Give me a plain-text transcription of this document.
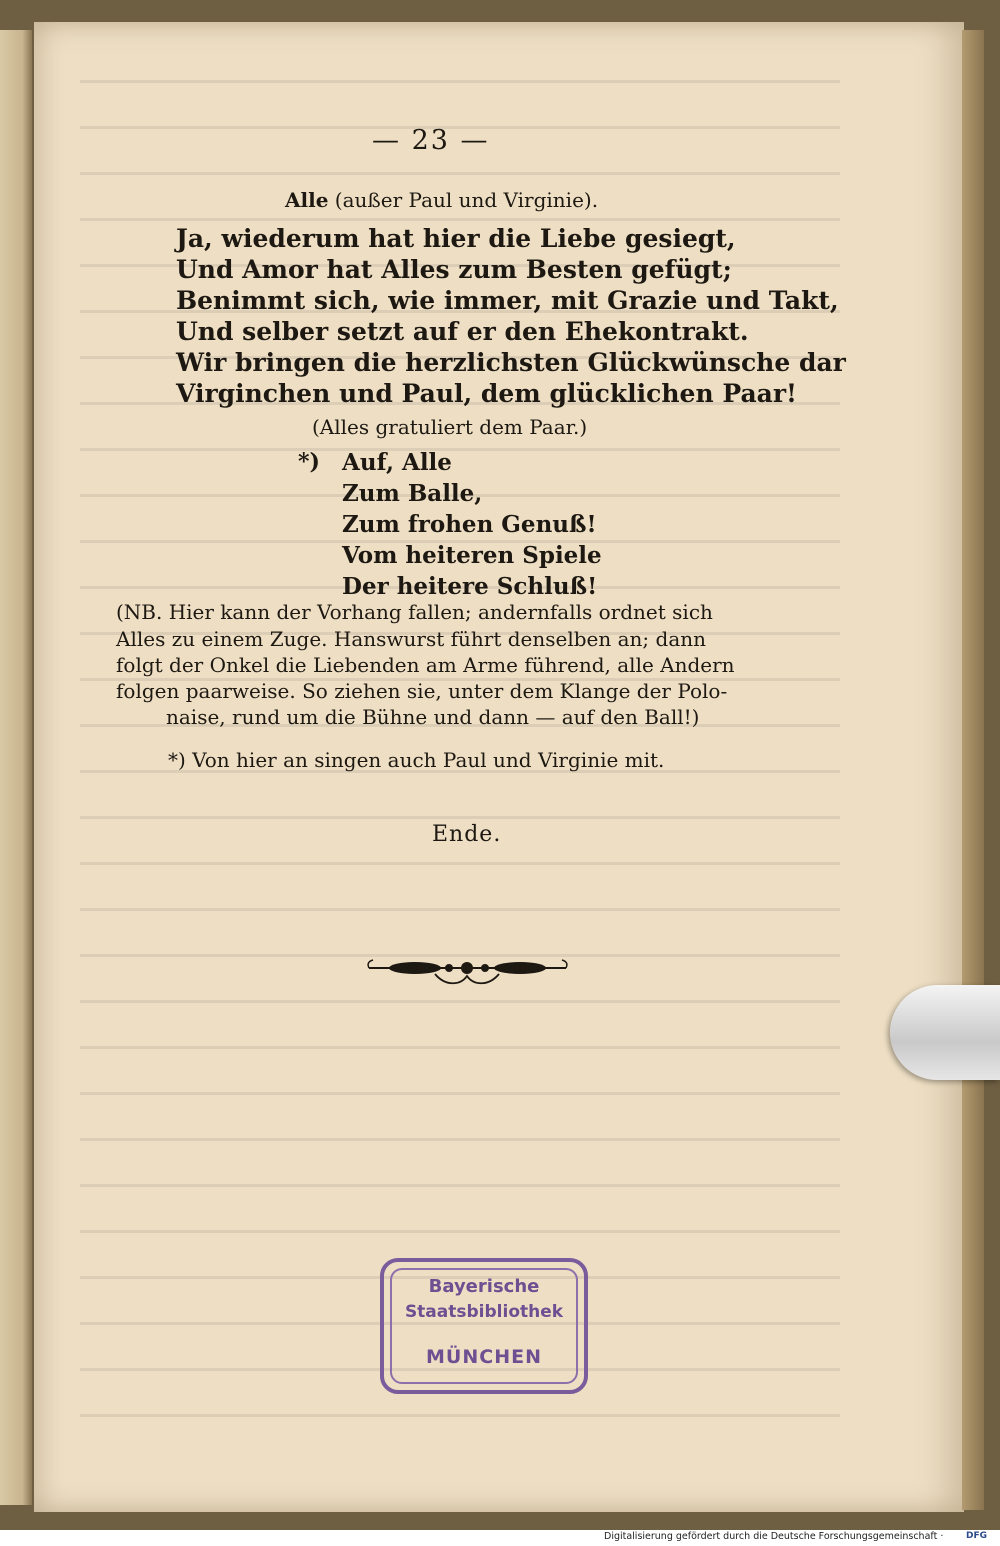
— 23 —
Alle (außer Paul und Virginie).
Ja, wiederum hat hier die Liebe gesiegt,
Und Amor hat Alles zum Besten gefügt;
Benimmt sich, wie immer, mit Grazie und Takt,
Und selber setzt auf er den Ehekontrakt.
Wir bringen die herzlichsten Glückwünsche dar
Virginchen und Paul, dem glücklichen Paar!
(Alles gratuliert dem Paar.)
*) Auf, Alle
Zum Balle,
Zum frohen Genuß!
Vom heiteren Spiele
Der heitere Schluß!
(NB. Hier kann der Vorhang fallen; andernfalls ordnet sich
Alles zu einem Zuge. Hanswurst führt denselben an; dann
folgt der Onkel die Liebenden am Arme führend, alle Andern
folgen paarweise. So ziehen sie, unter dem Klange der Polo-
naise, rund um die Bühne und dann — auf den Ball!)
*) Von hier an singen auch Paul und Virginie mit.
Ende.
Bayerische
Staatsbibliothek
MÜNCHEN
Digitalisierung gefördert durch die Deutsche Forschungsgemeinschaft ·	DFG
